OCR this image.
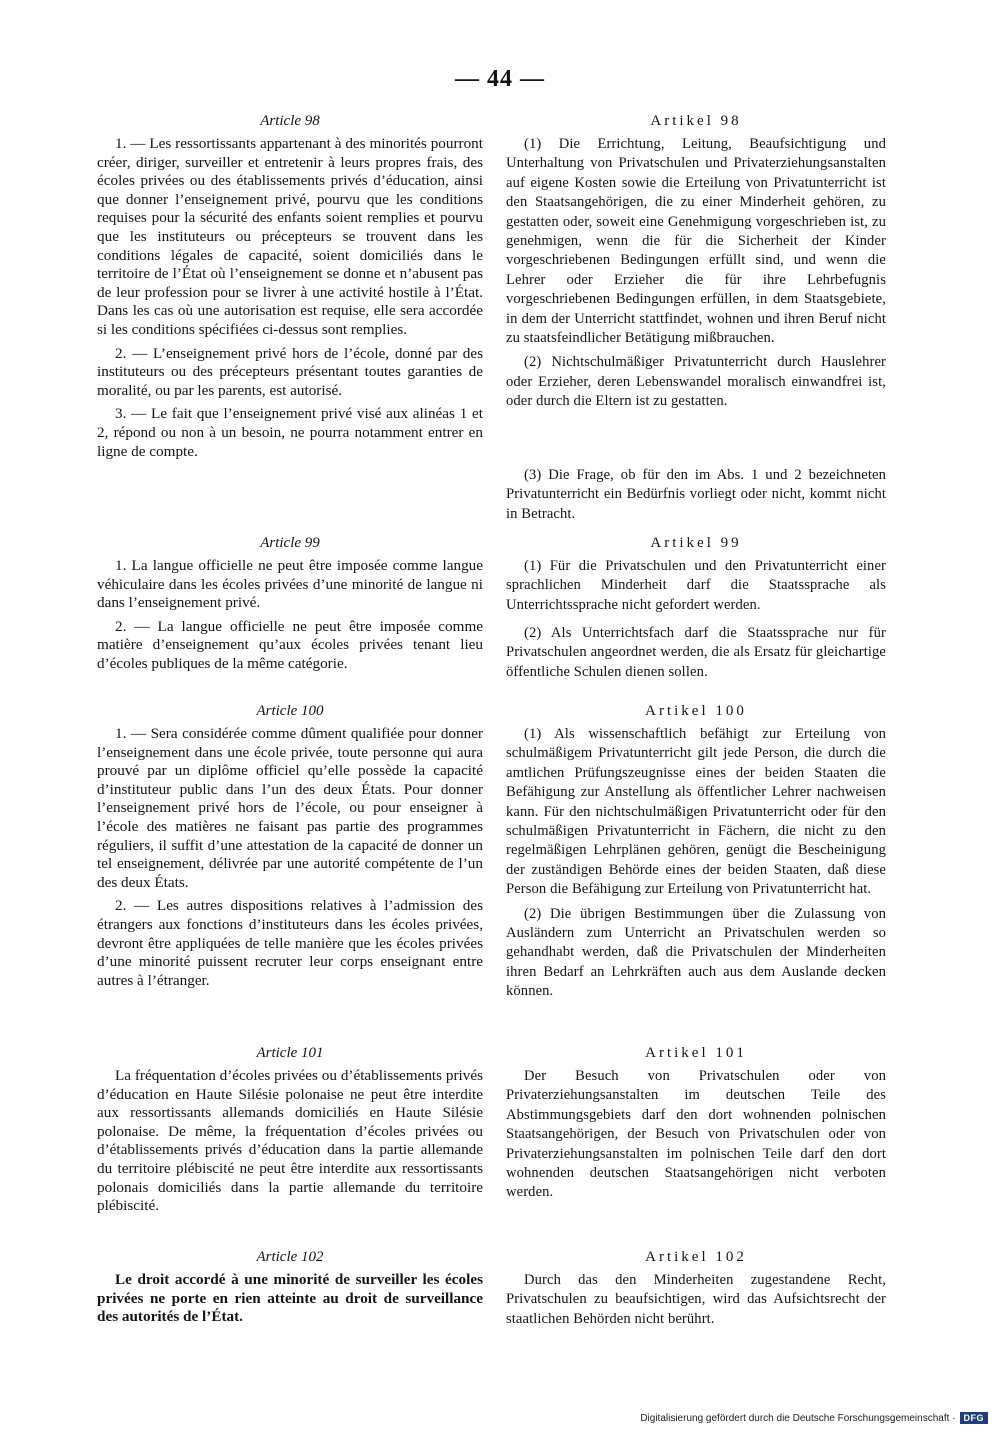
— 44 —
Article 98

1. — Les ressortissants appartenant à des minorités pourront créer, diriger, surveiller et entretenir à leurs propres frais, des écoles privées ou des établissements privés d’éducation, ainsi que donner l’enseignement privé, pourvu que les conditions requises pour la sécurité des enfants soient remplies et pourvu que les instituteurs ou précepteurs se trouvent dans les conditions légales de capacité, soient domiciliés dans le territoire de l’État où l’enseignement se donne et n’abusent pas de leur profession pour se livrer à une activité hostile à l’État. Dans les cas où une autorisation est requise, elle sera accordée si les conditions spécifiées ci-dessus sont remplies.

2. — L’enseignement privé hors de l’école, donné par des instituteurs ou des précepteurs présentant toutes garanties de moralité, ou par les parents, est autorisé.

3. — Le fait que l’enseignement privé visé aux alinéas 1 et 2, répond ou non à un besoin, ne pourra notamment entrer en ligne de compte.

Article 99

1. La langue officielle ne peut être imposée comme langue véhiculaire dans les écoles privées d’une minorité de langue ni dans l’enseignement privé.

2. — La langue officielle ne peut être imposée comme matière d’enseignement qu’aux écoles privées tenant lieu d’écoles publiques de la même catégorie.

Article 100

1. — Sera considérée comme dûment qualifiée pour donner l’enseignement dans une école privée, toute personne qui aura prouvé par un diplôme officiel qu’elle possède la capacité d’instituteur public dans l’un des deux États. Pour donner l’enseignement privé hors de l’école, ou pour enseigner à l’école des matières ne faisant pas partie des programmes réguliers, il suffit d’une attestation de la capacité de donner un tel enseignement, délivrée par une autorité compétente de l’un des deux États.

2. — Les autres dispositions relatives à l’admission des étrangers aux fonctions d’instituteurs dans les écoles privées, devront être appliquées de telle manière que les écoles privées d’une minorité puissent recruter leur corps enseignant entre autres à l’étranger.

Article 101

La fréquentation d’écoles privées ou d’établissements privés d’éducation en Haute Silésie polonaise ne peut être interdite aux ressortissants allemands domiciliés en Haute Silésie polonaise. De même, la fréquentation d’écoles privées ou d’établissements privés d’éducation dans la partie allemande du territoire plébiscité ne peut être interdite aux ressortissants polonais domiciliés dans la partie allemande du territoire plébiscité.

Article 102

Le droit accordé à une minorité de surveiller les écoles privées ne porte en rien atteinte au droit de surveillance des autorités de l’État.

Artikel 98

(1) Die Errichtung, Leitung, Beaufsichtigung und Unterhaltung von Privatschulen und Privaterziehungsanstalten auf eigene Kosten sowie die Erteilung von Privatunterricht ist den Staatsangehörigen, die zu einer Minderheit gehören, zu gestatten oder, soweit eine Genehmigung vorgeschrieben ist, zu genehmigen, wenn die für die Sicherheit der Kinder vorgeschriebenen Bedingungen erfüllt sind, und wenn die Lehrer oder Erzieher die für ihre Lehrbefugnis vorgeschriebenen Bedingungen erfüllen, in dem Staatsgebiete, in dem der Unterricht stattfindet, wohnen und ihren Beruf nicht zu staatsfeindlicher Betätigung mißbrauchen.

(2) Nichtschulmäßiger Privatunterricht durch Hauslehrer oder Erzieher, deren Lebenswandel moralisch einwandfrei ist, oder durch die Eltern ist zu gestatten.

(3) Die Frage, ob für den im Abs. 1 und 2 bezeichneten Privatunterricht ein Bedürfnis vorliegt oder nicht, kommt nicht in Betracht.

Artikel 99

(1) Für die Privatschulen und den Privatunterricht einer sprachlichen Minderheit darf die Staatssprache als Unterrichtssprache nicht gefordert werden.

(2) Als Unterrichtsfach darf die Staatssprache nur für Privatschulen angeordnet werden, die als Ersatz für gleichartige öffentliche Schulen dienen sollen.

Artikel 100

(1) Als wissenschaftlich befähigt zur Erteilung von schulmäßigem Privatunterricht gilt jede Person, die durch die amtlichen Prüfungszeugnisse eines der beiden Staaten die Befähigung zur Anstellung als öffentlicher Lehrer nachweisen kann. Für den nichtschulmäßigen Privatunterricht oder für den schulmäßigen Privatunterricht in Fächern, die nicht zu den regelmäßigen Lehrplänen gehören, genügt die Bescheinigung der zuständigen Behörde eines der beiden Staaten, daß diese Person die Befähigung zur Erteilung von Privatunterricht hat.

(2) Die übrigen Bestimmungen über die Zulassung von Ausländern zum Unterricht an Privatschulen werden so gehandhabt werden, daß die Privatschulen der Minderheiten ihren Bedarf an Lehrkräften auch aus dem Auslande decken können.

Artikel 101

Der Besuch von Privatschulen oder von Privaterziehungsanstalten im deutschen Teile des Abstimmungsgebiets darf den dort wohnenden polnischen Staatsangehörigen, der Besuch von Privatschulen oder von Privaterziehungsanstalten im polnischen Teile darf den dort wohnenden deutschen Staatsangehörigen nicht verboten werden.

Artikel 102

Durch das den Minderheiten zugestandene Recht, Privatschulen zu beaufsichtigen, wird das Aufsichtsrecht der staatlichen Behörden nicht berührt.

Digitalisierung gefördert durch die Deutsche Forschungsgemeinschaft · DFG
